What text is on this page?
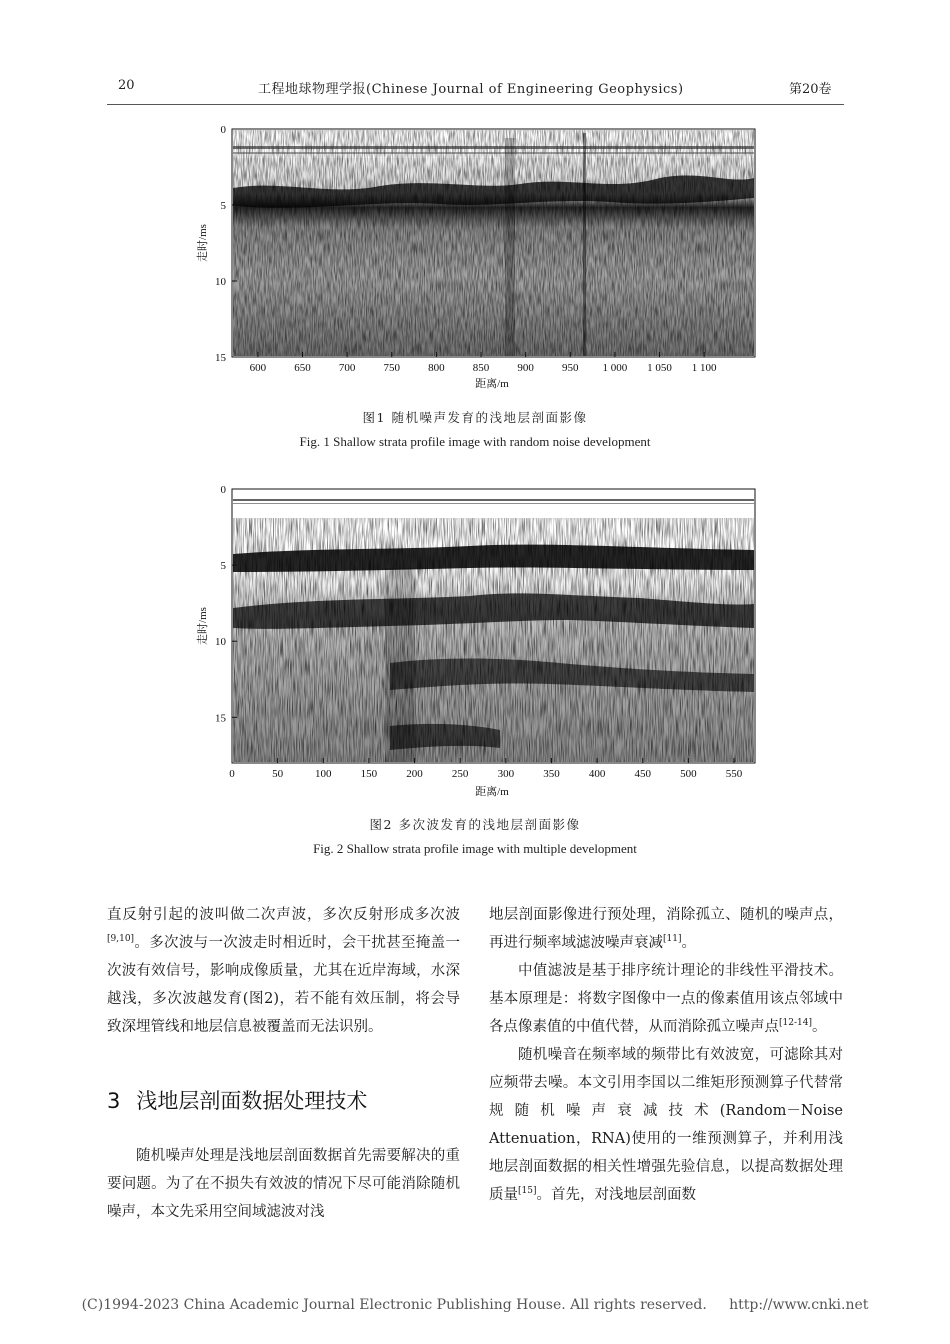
20	工程地球物理学报(Chinese Journal of Engineering Geophysics)	第20卷
0
5
10
15
600	650	700	750	800	850	900	950 1 000 1 050 1 100
走时/ms
距离/m
图1 随机噪声发育的浅地层剖面影像
Fig. 1 Shallow strata profile image with random noise development
0
5
10
15
0	50	100	150	200	250	300	350	400	450	500	550
走时/ms
距离/m
图2 多次波发育的浅地层剖面影像
Fig. 2 Shallow strata profile image with multiple development

直反射引起的波叫做二次声波，多次反射形成多次波[9,10]。多次波与一次波走时相近时，会干扰甚至掩盖一次波有效信号，影响成像质量，尤其在近岸海域，水深越浅，多次波越发育(图2)，若不能有效压制，将会导致深埋管线和地层信息被覆盖而无法识别。

3 浅地层剖面数据处理技术

随机噪声处理是浅地层剖面数据首先需要解决的重要问题。为了在不损失有效波的情况下尽可能消除随机噪声，本文先采用空间域滤波对浅

地层剖面影像进行预处理，消除孤立、随机的噪声点，再进行频率域滤波噪声衰减[11]。

中值滤波是基于排序统计理论的非线性平滑技术。基本原理是：将数字图像中一点的像素值用该点邻域中各点像素值的中值代替，从而消除孤立噪声点[12-14]。

随机噪音在频率域的频带比有效波宽，可滤除其对应频带去噪。本文引用李国以二维矩形预测算子代替常规随机噪声衰减技术(Random－Noise Attenuation，RNA)使用的一维预测算子，并利用浅地层剖面数据的相关性增强先验信息，以提高数据处理质量[15]。首先，对浅地层剖面数

(C)1994-2023 China Academic Journal Electronic Publishing House. All rights reserved. http://www.cnki.net
